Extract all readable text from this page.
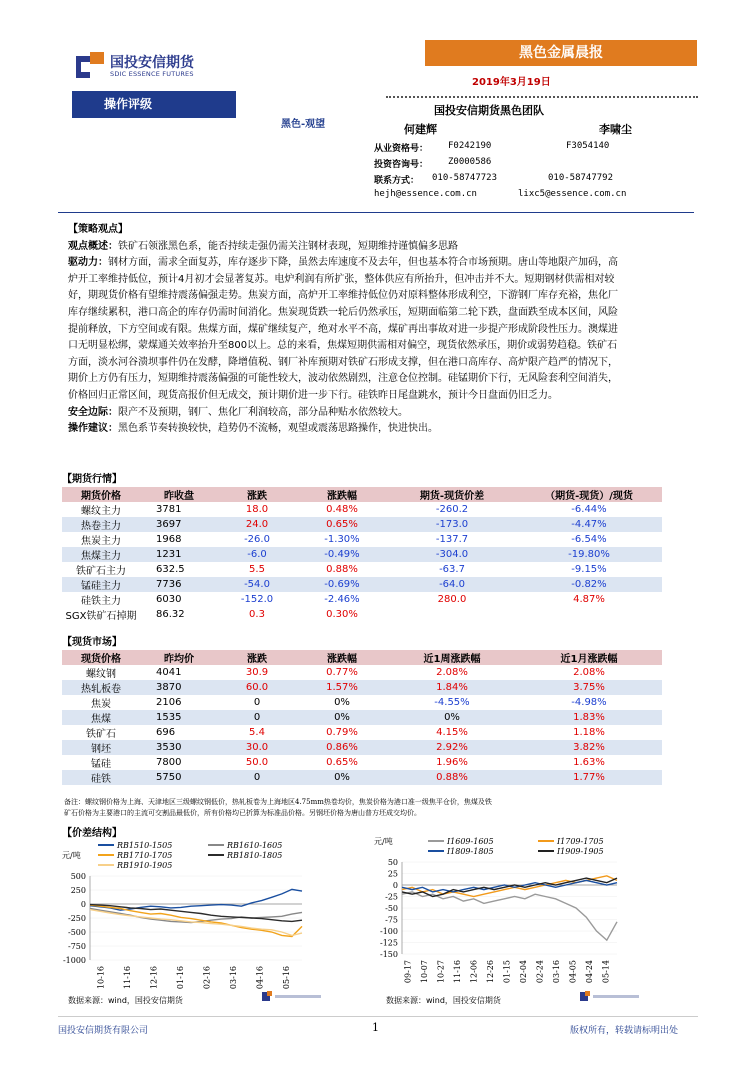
国投安信期货
SDIC ESSENCE FUTURES
黑色金属晨报
2019年3月19日
国投安信期货黑色团队
操作评级
黑色-观望	何建辉	李啸尘
从业资格号： F0242190	F3054140
投资咨询号： Z0000586
联系方式： 010-58747723	010-58747792
hejh@essence.com.cn	lixc5@essence.com.cn

【策略观点】

观点概述：铁矿石领涨黑色系，能否持续走强仍需关注钢材表现，短期维持谨慎偏多思路

驱动力：钢材方面，需求全面复苏，库存逐步下降，虽然去库速度不及去年，但也基本符合市场预期。唐山等地限产加码，高

炉开工率维持低位，预计4月初才会显著复苏。电炉利润有所扩张，整体供应有所抬升，但冲击并不大。短期钢材供需相对较

好，期现货价格有望维持震荡偏强走势。焦炭方面，高炉开工率维持低位仍对原料整体形成利空，下游钢厂库存充裕，焦化厂

库存继续累积，港口高企的库存仍需时间消化。焦炭现货跌一轮后仍然承压，短期面临第二轮下跌，盘面跌至成本区间，风险

提前释放，下方空间或有限。焦煤方面，煤矿继续复产，绝对水平不高，煤矿再出事故对进一步提产形成阶段性压力。澳煤进

口无明显松绑，蒙煤通关效率抬升至800以上。总的来看，焦煤短期供需相对偏空，现货依然承压，期价或弱势趋稳。铁矿石

方面，淡水河谷溃坝事件仍在发酵，降增值税、钢厂补库预期对铁矿石形成支撑，但在港口高库存、高炉限产趋严的情况下，

期价上方仍有压力，短期维持震荡偏强的可能性较大，波动依然剧烈，注意仓位控制。硅锰期价下行，无风险套利空间消失，

价格回归正常区间，现货高报价但无成交，预计期价进一步下行。硅铁昨日尾盘跳水，预计今日盘面仍旧乏力。

安全边际：限产不及预期，钢厂、焦化厂利润较高，部分品种贴水依然较大。

操作建议：黑色系节奏转换较快，趋势仍不流畅，观望或震荡思路操作，快进快出。

【期货行情】
期货价格	昨收盘	涨跌	涨跌幅	期货-现货价差	（期货-现货）/现货
螺纹主力	3781	18.0	0.48%	-260.2	-6.44%
热卷主力	3697	24.0	0.65%	-173.0	-4.47%
焦炭主力	1968	-26.0	-1.30%	-137.7	-6.54%
焦煤主力	1231	-6.0	-0.49%	-304.0	-19.80%
铁矿石主力	632.5	5.5	0.88%	-63.7	-9.15%
锰硅主力	7736	-54.0	-0.69%	-64.0	-0.82%
硅铁主力	6030	-152.0	-2.46%	280.0	4.87%
SGX铁矿石掉期	86.32	0.3	0.30%		
【现货市场】
现货价格	昨均价	涨跌	涨跌幅	近1周涨跌幅	近1月涨跌幅
螺纹钢	4041	30.9	0.77%	2.08%	2.08%
热轧板卷	3870	60.0	1.57%	1.84%	3.75%
焦炭	2106	0	0%	-4.55%	-4.98%
焦煤	1535	0	0%	0%	1.83%
铁矿石	696	5.4	0.79%	4.15%	1.18%
钢坯	3530	30.0	0.86%	2.92%	3.82%
锰硅	7800	50.0	0.65%	1.96%	1.63%
硅铁	5750	0	0%	0.88%	1.77%
备注：螺纹钢价格为上海、天津地区三级螺纹钢低价，热轧板卷为上海地区4.75mm热卷均价，焦炭价格为港口准一级焦平仓价，焦煤及铁
矿石价格为主要港口的主流可交割品最低价，所有价格均已折算为标准品价格。另钢坯价格为唐山普方坯成交均价。
【价差结构】
元/吨
500
250
0
-250
-500
-750
-1000
10-16 11-16 12-16 01-16 02-16 03-16 04-16 05-16
RB1510-1505	RB1610-1605
RB1710-1705	RB1810-1805
RB1910-1905
元/吨
50
25
0
-25
-50
-75
-100
-125
-150
09-17 10-07 10-27 11-16 12-06 12-26 01-15 02-04 02-24 03-16 04-05 04-24 05-14
I1609-1605	I1709-1705
I1809-1805	I1909-1905
数据来源：wind，国投安信期货	数据来源：wind，国投安信期货
国投安信期货有限公司	1	版权所有，转载请标明出处
